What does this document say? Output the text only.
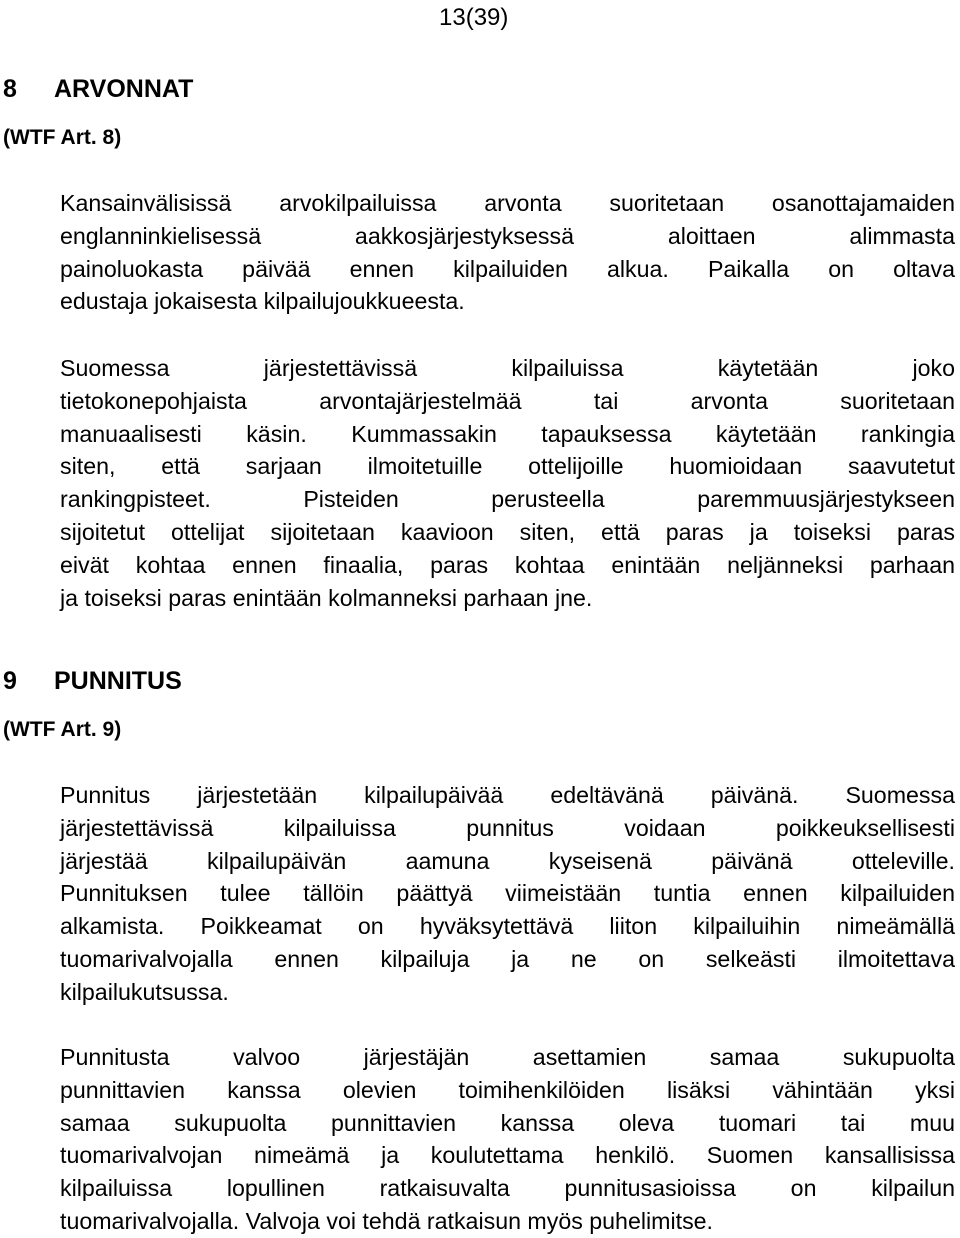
13(39)
8 ARVONNAT
(WTF Art. 8)
Kansainvälisissä arvokilpailuissa arvonta suoritetaan osanottajamaiden
englanninkielisessä aakkosjärjestyksessä aloittaen alimmasta
painoluokasta päivää ennen kilpailuiden alkua. Paikalla on oltava
edustaja jokaisesta kilpailujoukkueesta.
Suomessa järjestettävissä kilpailuissa käytetään joko
tietokonepohjaista arvontajärjestelmää tai arvonta suoritetaan
manuaalisesti käsin. Kummassakin tapauksessa käytetään rankingia
siten, että sarjaan ilmoitetuille ottelijoille huomioidaan saavutetut
rankingpisteet. Pisteiden perusteella paremmuusjärjestykseen
sijoitetut ottelijat sijoitetaan kaavioon siten, että paras ja toiseksi paras
eivät kohtaa ennen finaalia, paras kohtaa enintään neljänneksi parhaan
ja toiseksi paras enintään kolmanneksi parhaan jne.
9 PUNNITUS
(WTF Art. 9)
Punnitus järjestetään kilpailupäivää edeltävänä päivänä. Suomessa
järjestettävissä kilpailuissa punnitus voidaan poikkeuksellisesti
järjestää kilpailupäivän aamuna kyseisenä päivänä otteleville.
Punnituksen tulee tällöin päättyä viimeistään tuntia ennen kilpailuiden
alkamista. Poikkeamat on hyväksytettävä liiton kilpailuihin nimeämällä
tuomarivalvojalla ennen kilpailuja ja ne on selkeästi ilmoitettava
kilpailukutsussa.
Punnitusta valvoo järjestäjän asettamien samaa sukupuolta
punnittavien kanssa olevien toimihenkilöiden lisäksi vähintään yksi
samaa sukupuolta punnittavien kanssa oleva tuomari tai muu
tuomarivalvojan nimeämä ja koulutettama henkilö. Suomen kansallisissa
kilpailuissa lopullinen ratkaisuvalta punnitusasioissa on kilpailun
tuomarivalvojalla. Valvoja voi tehdä ratkaisun myös puhelimitse.
